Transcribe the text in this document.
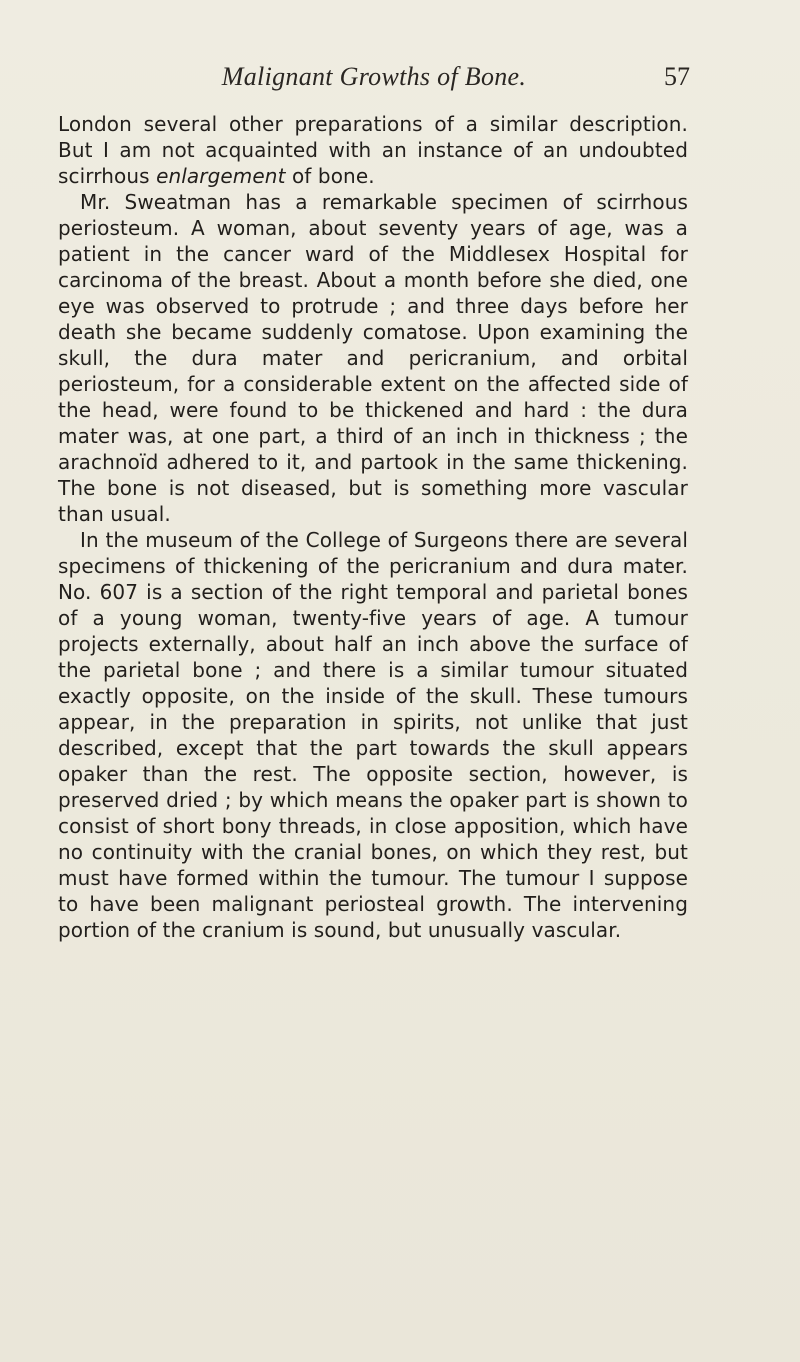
Malignant Growths of Bone.	57

London several other preparations of a similar description. But I am not acquainted with an instance of an undoubted scirrhous enlargement of bone.

Mr. Sweatman has a remarkable specimen of scirrhous periosteum. A woman, about seventy years of age, was a patient in the cancer ward of the Middlesex Hospital for carcinoma of the breast. About a month before she died, one eye was observed to protrude ; and three days before her death she became suddenly comatose. Upon examining the skull, the dura mater and pericranium, and orbital periosteum, for a considerable extent on the affected side of the head, were found to be thickened and hard : the dura mater was, at one part, a third of an inch in thickness ; the arachnoïd adhered to it, and partook in the same thickening. The bone is not diseased, but is something more vascular than usual.

In the museum of the College of Surgeons there are several specimens of thickening of the pericranium and dura mater. No. 607 is a section of the right temporal and parietal bones of a young woman, twenty-five years of age. A tumour projects externally, about half an inch above the surface of the parietal bone ; and there is a similar tumour situated exactly opposite, on the inside of the skull. These tumours appear, in the preparation in spirits, not unlike that just described, except that the part towards the skull appears opaker than the rest. The opposite section, however, is preserved dried ; by which means the opaker part is shown to consist of short bony threads, in close apposition, which have no continuity with the cranial bones, on which they rest, but must have formed within the tumour. The tumour I suppose to have been malignant periosteal growth. The intervening portion of the cranium is sound, but unusually vascular.
